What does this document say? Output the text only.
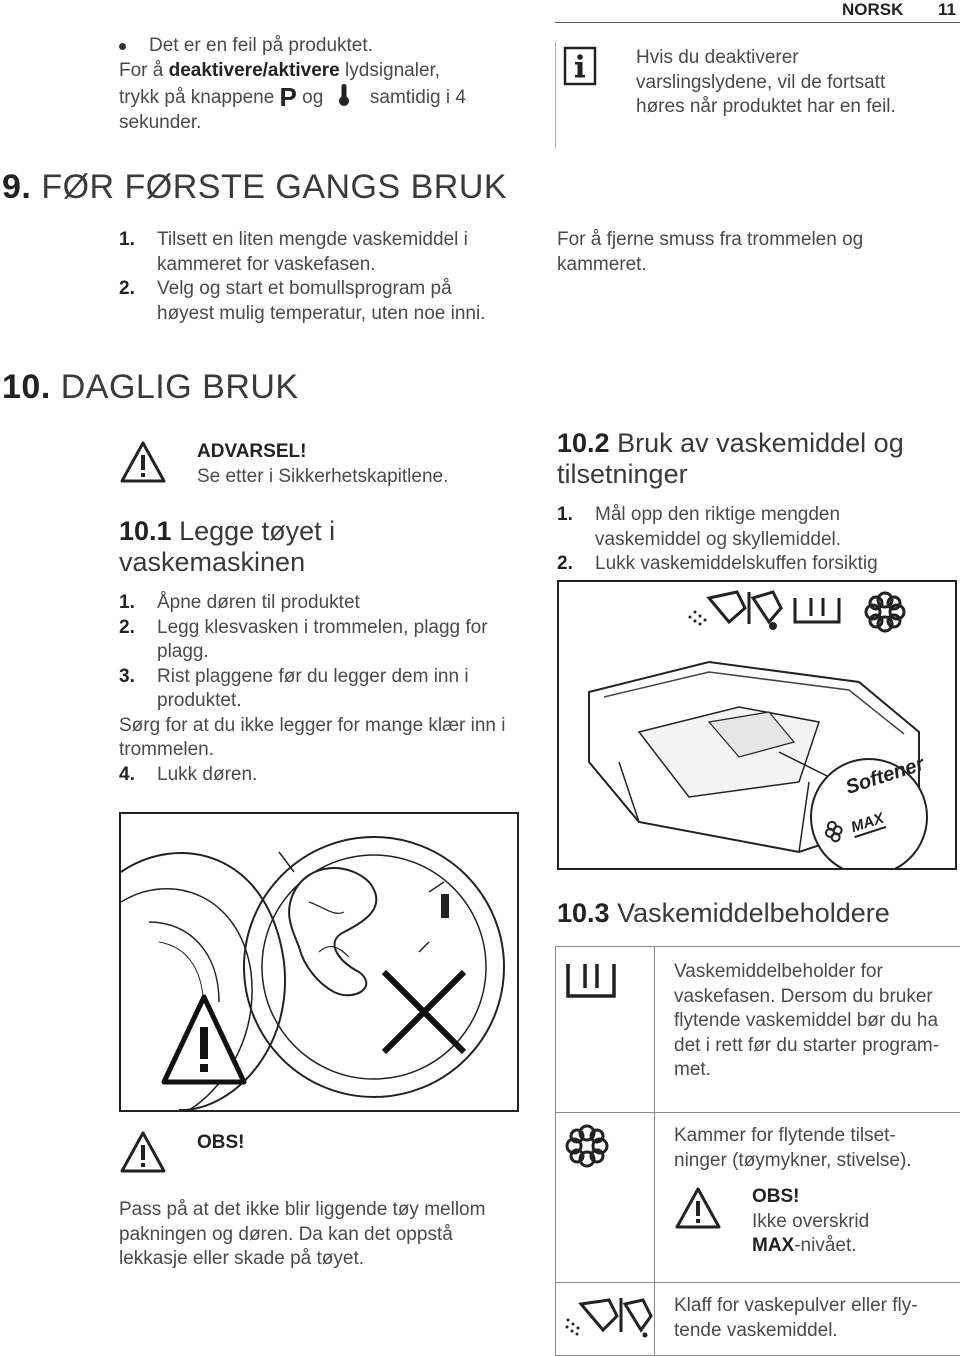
NORSK 11
Det er en feil på produktet.
For å deaktivere/aktivere lydsignaler,
trykk på knappene P og samtidig i 4
sekunder.
Hvis du deaktiverer varslingslydene, vil de fortsatt høres når produktet har en feil.
9. FØR FØRSTE GANGS BRUK
1. Tilsett en liten mengde vaskemiddel i kammeret for vaskefasen.
2. Velg og start et bomullsprogram på høyest mulig temperatur, uten noe inni.
For å fjerne smuss fra trommelen og kammeret.
10. DAGLIG BRUK
ADVARSEL!
Se etter i Sikkerhetskapitlene.
10.1 Legge tøyet i vaskemaskinen
1. Åpne døren til produktet
2. Legg klesvasken i trommelen, plagg for plagg.
3. Rist plaggene før du legger dem inn i produktet.
Sørg for at du ikke legger for mange klær inn i trommelen.
4. Lukk døren.
OBS!
Pass på at det ikke blir liggende tøy mellom pakningen og døren. Da kan det oppstå lekkasje eller skade på tøyet.
10.2 Bruk av vaskemiddel og tilsetninger
1. Mål opp den riktige mengden vaskemiddel og skyllemiddel.
2. Lukk vaskemiddelskuffen forsiktig
Softener
MAX
10.3 Vaskemiddelbeholdere
Vaskemiddelbeholder for vaskefasen. Dersom du bruker flytende vaskemiddel bør du ha det i rett før du starter program-met.
Kammer for flytende tilset-ninger (tøymykner, stivelse).
OBS!
Ikke overskrid
MAX-nivået.
Klaff for vaskepulver eller fly-tende vaskemiddel.
